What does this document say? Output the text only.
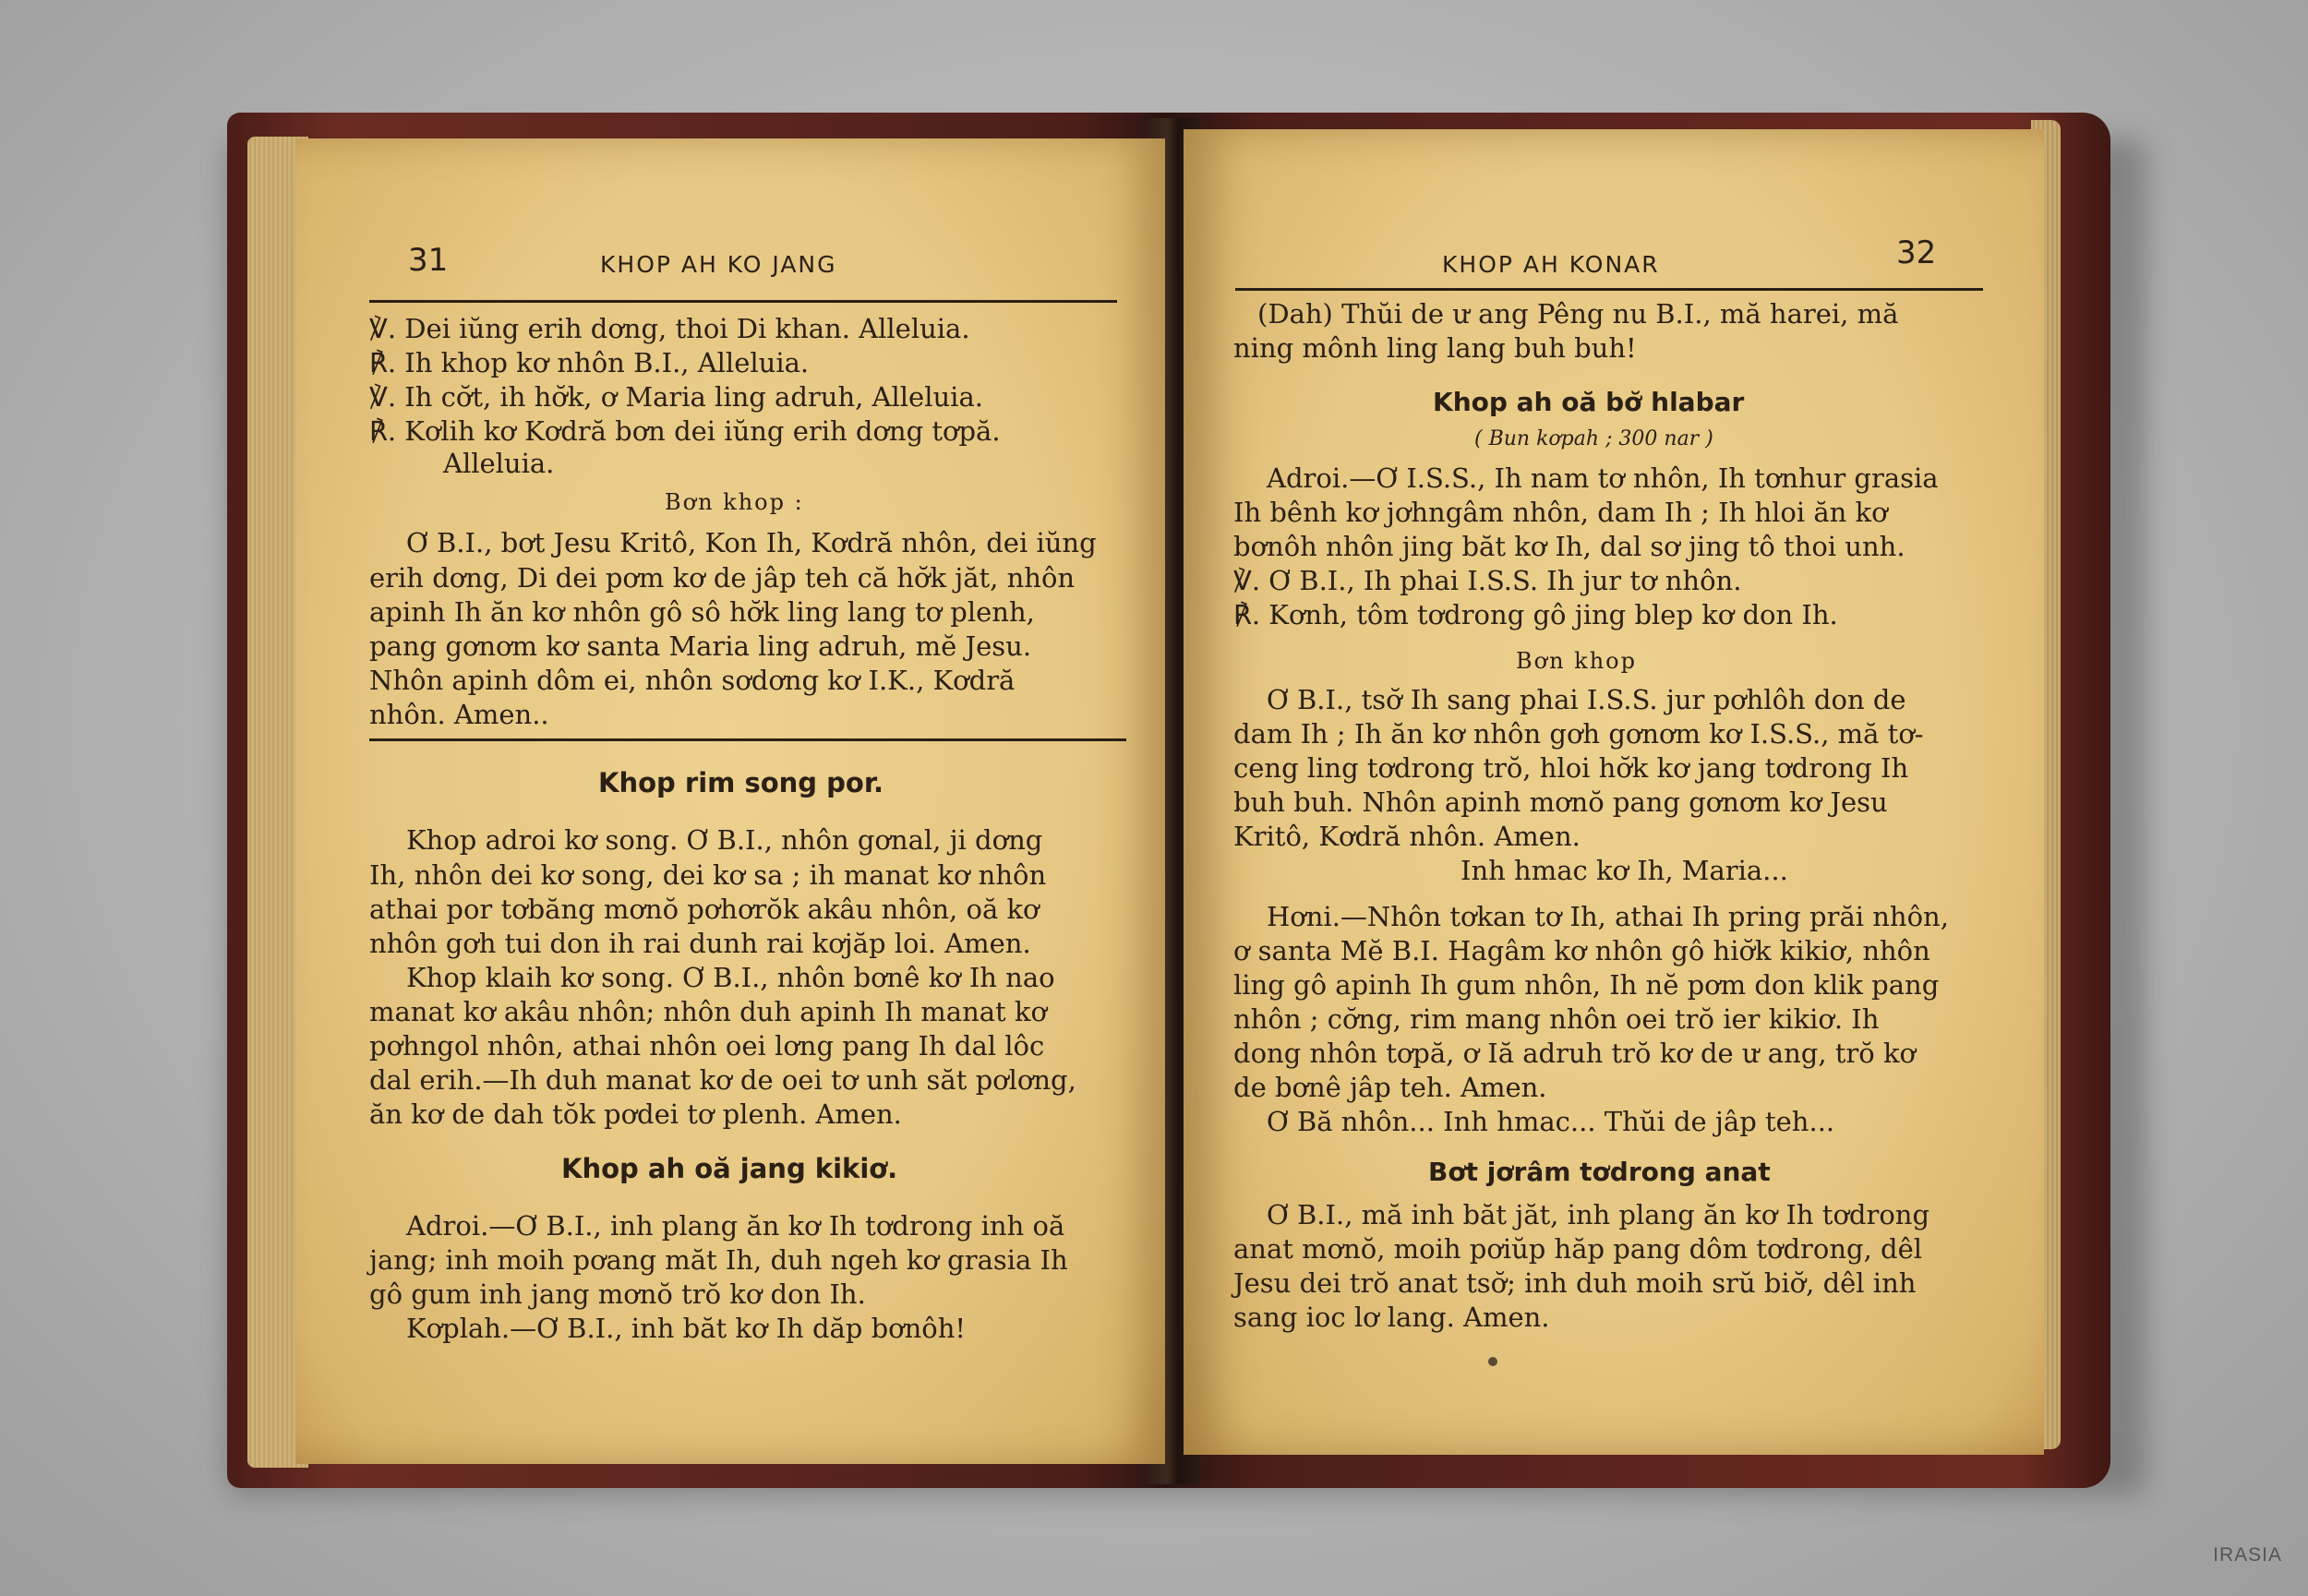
31	KHOP AH KO JANG
℣. Dei iŭng erih dơng, thoi Di khan. Alleluia.
℟. Ih khop kơ nhôn B.I., Alleluia.
℣. Ih cơ̆t, ih hơ̆k, ơ Maria ling adruh, Alleluia.
℟. Kơlih kơ Kơdră bơn dei iŭng erih dơng tơpă.
Alleluia.
Bơn khop :
Ơ B.I., bơt Jesu Kritô, Kon Ih, Kơdră nhôn, dei iŭng
erih dơng, Di dei pơm kơ de jâp teh că hơ̆k jăt, nhôn
apinh Ih ăn kơ nhôn gô sô hơ̆k ling lang tơ plenh,
pang gơnơm kơ santa Maria ling adruh, mĕ Jesu.
Nhôn apinh dôm ei, nhôn sơdơng kơ I.K., Kơdră
nhôn. Amen..
Khop rim song por.
Khop adroi kơ song. Ơ B.I., nhôn gơnal, ji dơng
Ih, nhôn dei kơ song, dei kơ sa ; ih manat kơ nhôn
athai por tơbăng mơnŏ pơhơrŏk akâu nhôn, oă kơ
nhôn gơh tui don ih rai dunh rai kơjăp loi. Amen.
Khop klaih kơ song. Ơ B.I., nhôn bơnê kơ Ih nao
manat kơ akâu nhôn; nhôn duh apinh Ih manat kơ
pơhngol nhôn, athai nhôn oei lơng pang Ih dal lôc
dal erih.—Ih duh manat kơ de oei tơ unh săt pơlơng,
ăn kơ de dah tŏk pơdei tơ plenh. Amen.
Khop ah oă jang kikiơ.
Adroi.—Ơ B.I., inh plang ăn kơ Ih tơdrong inh oă
jang; inh moih pơang măt Ih, duh ngeh kơ grasia Ih
gô gum inh jang mơnŏ trŏ kơ don Ih.
Kơplah.—Ơ B.I., inh băt kơ Ih dăp bơnôh!
KHOP AH KONAR	32
(Dah) Thŭi de ư ang Pêng nu B.I., mă harei, mă
ning mônh ling lang buh buh!
Khop ah oă bơ̆ hlabar
( Bun kơpah ; 300 nar )
Adroi.—Ơ I.S.S., Ih nam tơ nhôn, Ih tơnhur grasia
Ih bênh kơ jơhngâm nhôn, dam Ih ; Ih hloi ăn kơ
bơnôh nhôn jing băt kơ Ih, dal sơ jing tô thoi unh.
℣. Ơ B.I., Ih phai I.S.S. Ih jur tơ nhôn.
℟. Kơnh, tôm tơdrong gô jing blep kơ don Ih.
Bơn khop
Ơ B.I., tsơ̆ Ih sang phai I.S.S. jur pơhlôh don de
dam Ih ; Ih ăn kơ nhôn gơh gơnơm kơ I.S.S., mă tơ-
ceng ling tơdrong trŏ, hloi hơ̆k kơ jang tơdrong Ih
buh buh. Nhôn apinh mơnŏ pang gơnơm kơ Jesu
Kritô, Kơdră nhôn. Amen.
Inh hmac kơ Ih, Maria...
Hơni.—Nhôn tơkan tơ Ih, athai Ih pring prăi nhôn,
ơ santa Mĕ B.I. Hagâm kơ nhôn gô hiơ̆k kikiơ, nhôn
ling gô apinh Ih gum nhôn, Ih nĕ pơm don klik pang
nhôn ; cơ̆ng, rim mang nhôn oei trŏ ier kikiơ. Ih
dong nhôn tơpă, ơ Iă adruh trŏ kơ de ư ang, trŏ kơ
de bơnê jâp teh. Amen.
Ơ Bă nhôn... Inh hmac... Thŭi de jâp teh...
Bơt jơrâm tơdrong anat
Ơ B.I., mă inh băt jăt, inh plang ăn kơ Ih tơdrong
anat mơnŏ, moih pơiŭp hăp pang dôm tơdrong, dêl
Jesu dei trŏ anat tsơ̆; inh duh moih srŭ biơ̆, dêl inh
sang ioc lơ lang. Amen.
IRASIA
